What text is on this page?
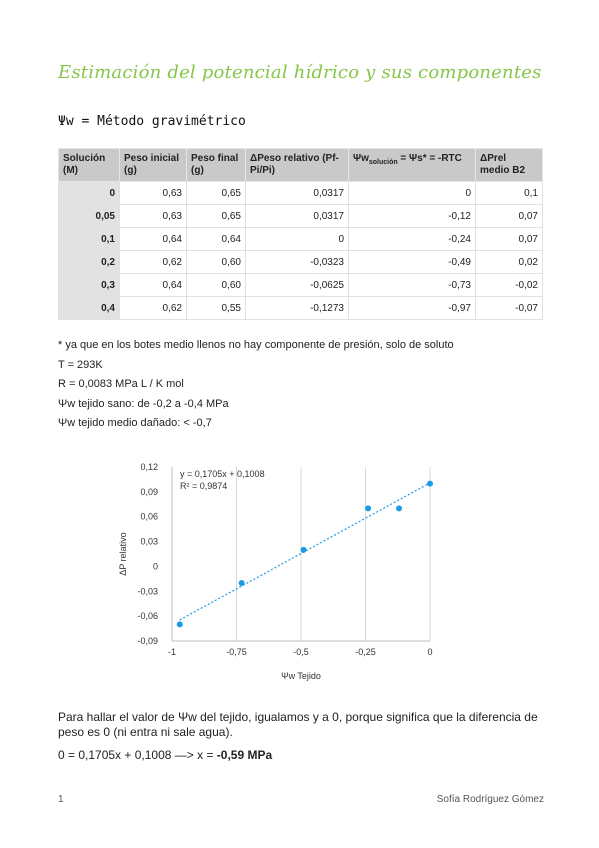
Estimación del potencial hídrico y sus componentes
Ψw = Método gravimétrico
Solución (M)	Peso inicial (g)	Peso final (g)	ΔPeso relativo (Pf-Pi/Pi)	$\Psi w_{solución} = \Psi s* = -RTC$	ΔPrel medio B2
0	0,63	0,65	0,0317	0	0,1
0,05	0,63	0,65	0,0317	-0,12	0,07
0,1	0,64	0,64	0	-0,24	0,07
0,2	0,62	0,60	-0,0323	-0,49	0,02
0,3	0,64	0,60	-0,0625	-0,73	-0,02
0,4	0,62	0,55	-0,1273	-0,97	-0,07
* ya que en los botes medio llenos no hay componente de presión, solo de soluto
T = 293K
R = 0,0083 MPa L / K mol
Ψw tejido sano: de -0,2 a -0,4 MPa
Ψw tejido medio dañado: < -0,7
-1	-0,75	-0,5	-0,25	0
-0,09
-0,06
-0,03
0
0,03
0,06
0,09
0,12
Ψw Tejido
ΔP relativo
y = 0,1705x + 0,1008
R² = 0,9874
Para hallar el valor de Ψw del tejido, igualamos y a 0, porque significa que la diferencia de peso es 0 (ni entra ni sale agua).
0 = 0,1705x + 0,1008 —> x = -0,59 MPa
1	Sofía Rodríguez Gómez
